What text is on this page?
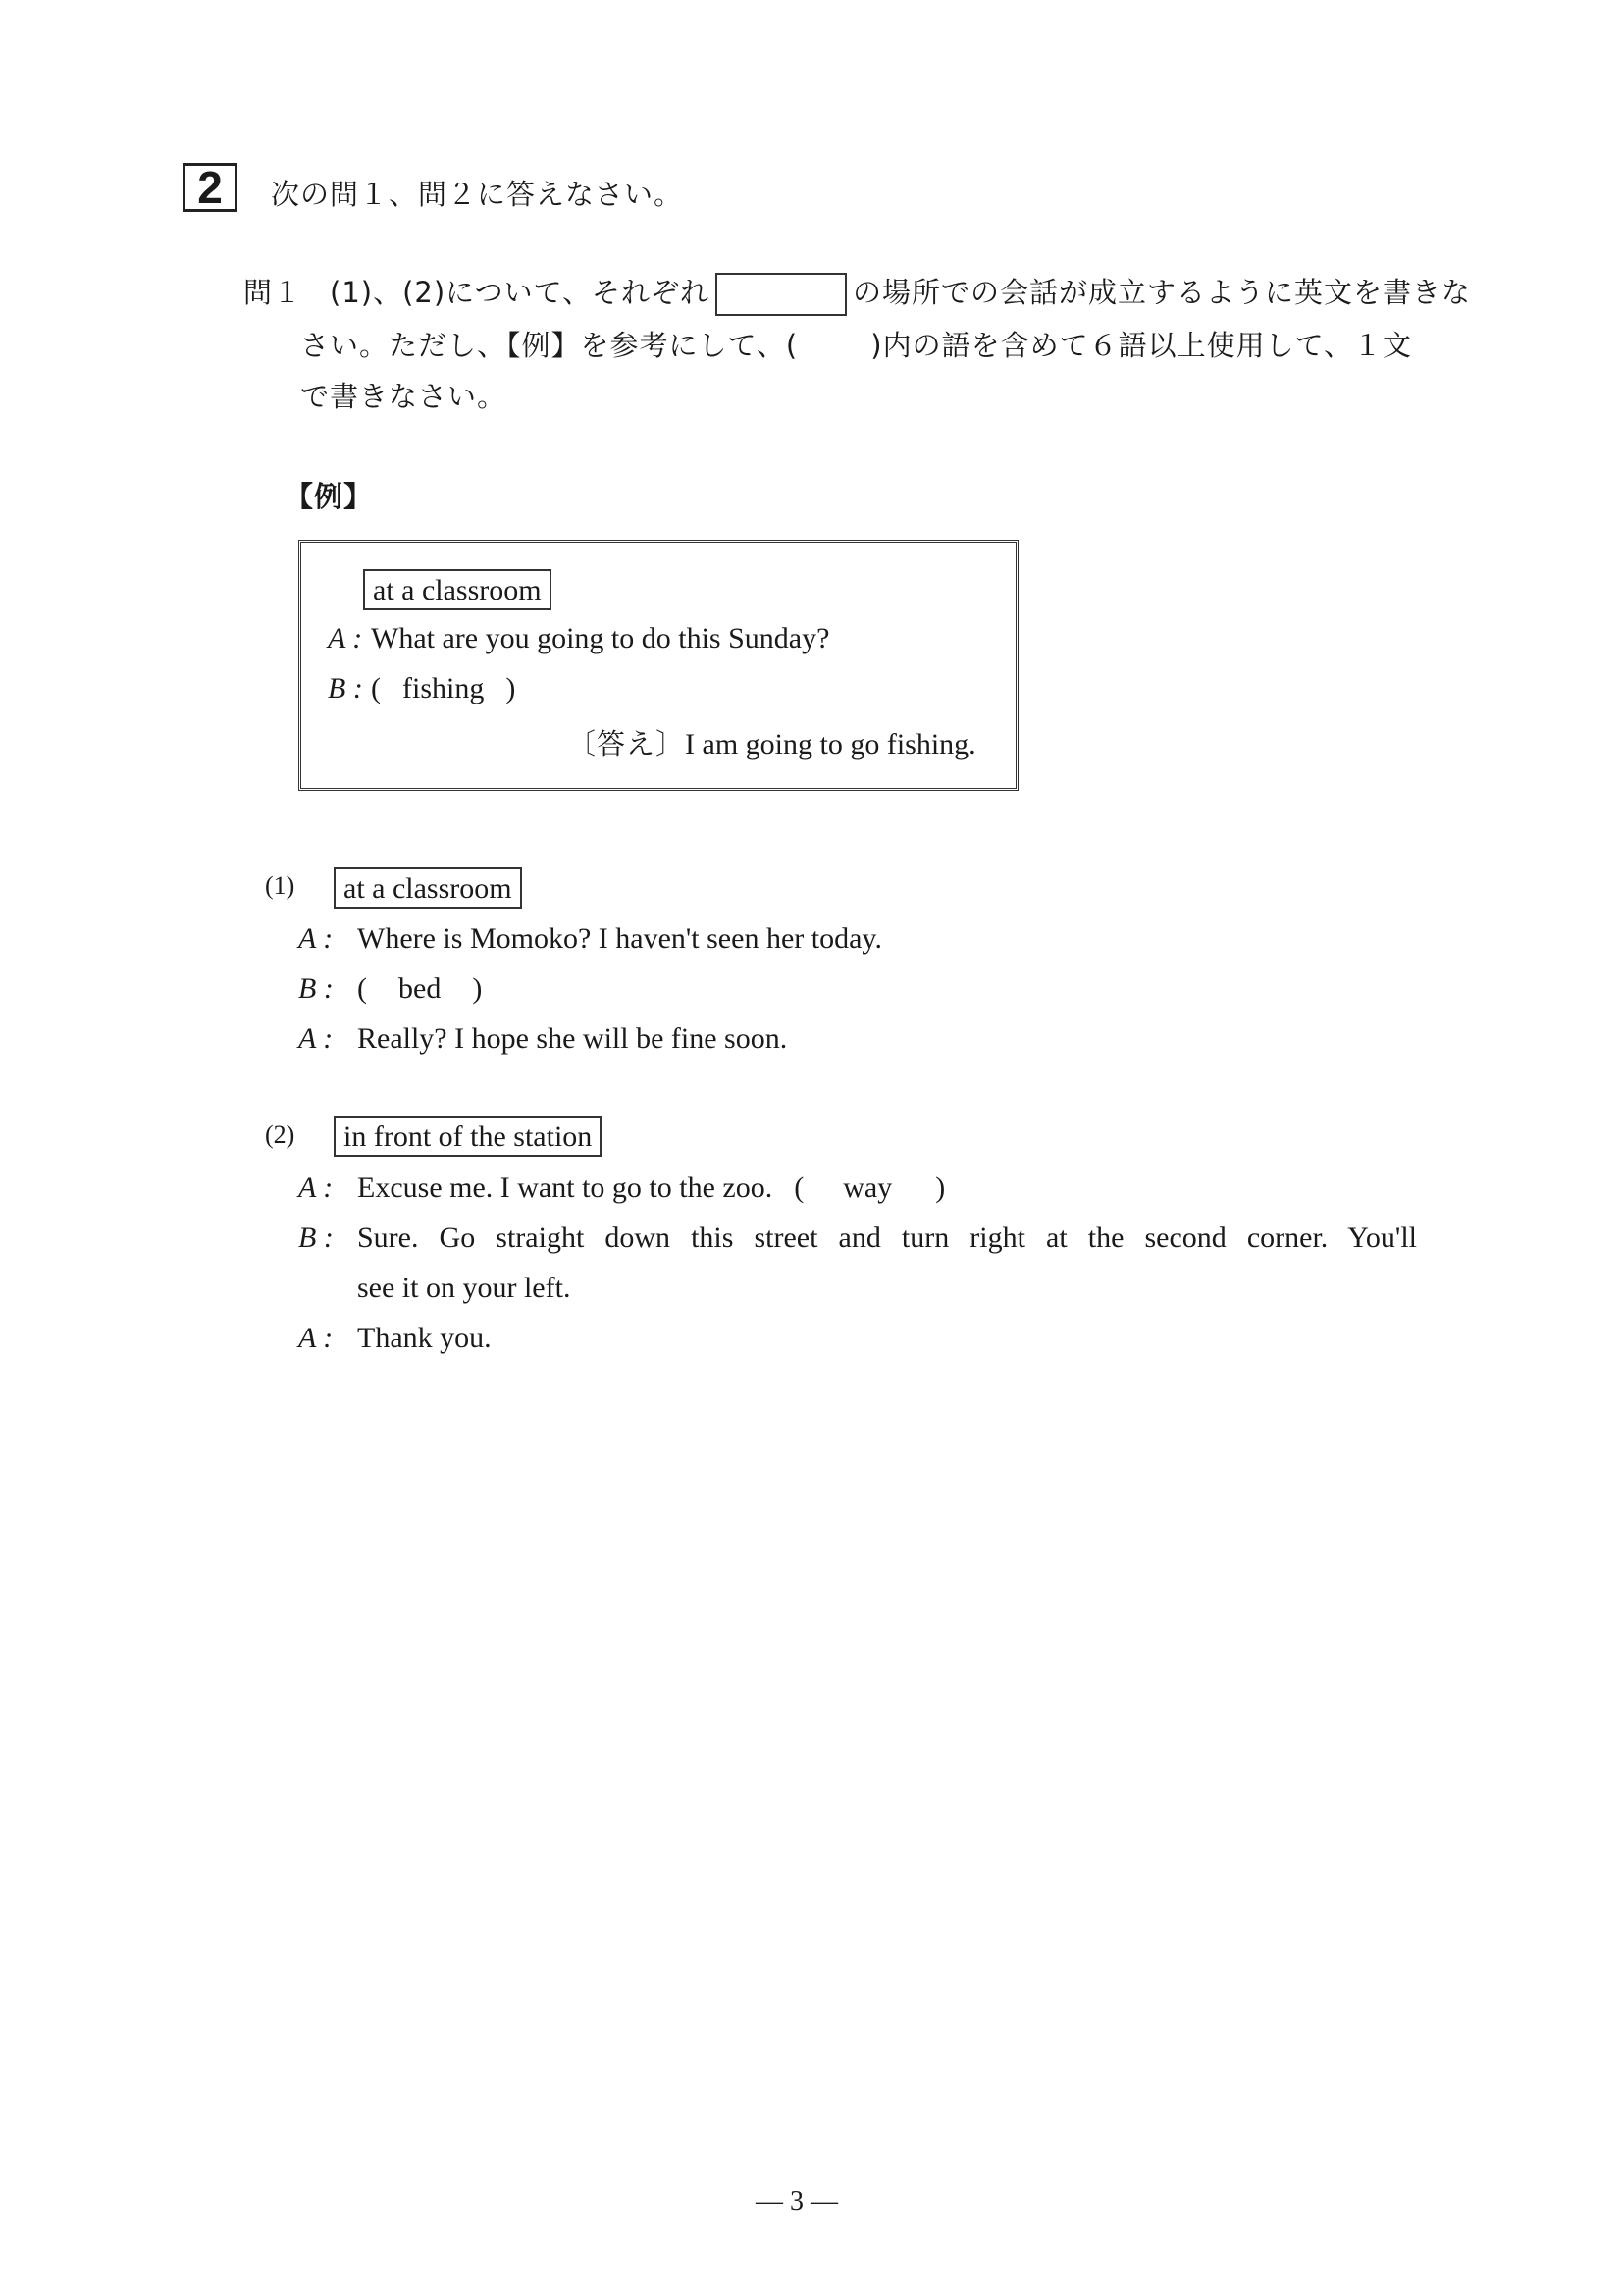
2	次の問１、問２に答えなさい。
問１ (1)、(2)について、それぞれ	の場所での会話が成立するように英文を書きな
さい。ただし、【例】を参考にして、(	)内の語を含めて６語以上使用して、１文
で書きなさい。
【例】
at a classroom
A : What are you going to do this Sunday?
B : ( fishing )
〔答え〕I am going to go fishing.
(1)	at a classroom
A : Where is Momoko? I haven't seen her today.
B : ( bed )
A : Really? I hope she will be fine soon.
(2)	in front of the station
A : Excuse me. I want to go to the zoo. ( way )
B : Sure. Go straight down this street and turn right at the second corner. You'll
see it on your left.
A : Thank you.
— 3 —
